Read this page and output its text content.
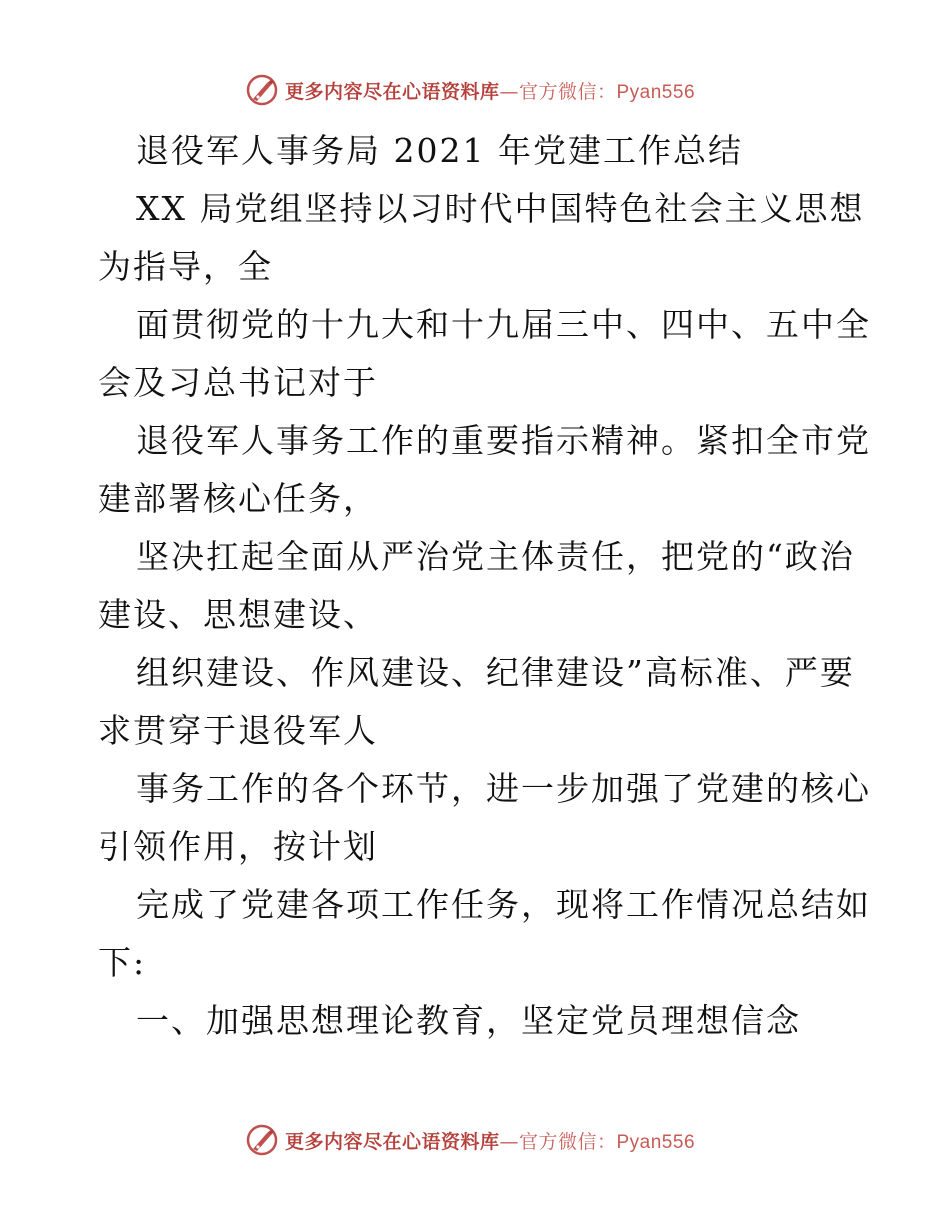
更多内容尽在心语资料库—官方微信：Pyan556
退役军人事务局 2021 年党建工作总结
XX 局党组坚持以习时代中国特色社会主义思想
为指导，全
面贯彻党的十九大和十九届三中、四中、五中全
会及习总书记对于
退役军人事务工作的重要指示精神。紧扣全市党
建部署核心任务，
坚决扛起全面从严治党主体责任，把党的“政治
建设、思想建设、
组织建设、作风建设、纪律建设”高标准、严要
求贯穿于退役军人
事务工作的各个环节，进一步加强了党建的核心
引领作用，按计划
完成了党建各项工作任务，现将工作情况总结如
下:
一、加强思想理论教育，坚定党员理想信念
更多内容尽在心语资料库—官方微信：Pyan556
